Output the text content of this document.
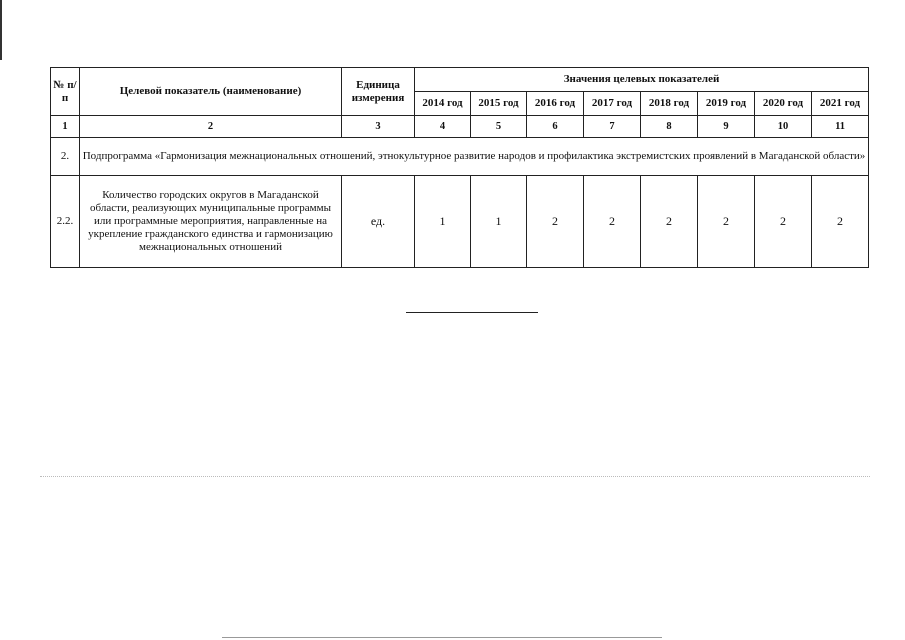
№ п/п	Целевой показатель (наименование)	Единица измерения	Значения целевых показателей							
			2014 год	2015 год	2016 год	2017 год	2018 год	2019 год	2020 год	2021 год
1	2	3	4	5	6	7	8	9	10	11
2.	Подпрограмма «Гармонизация межнациональных отношений, этнокультурное развитие народов и профилактика экстремистских проявлений в Магаданской области»									
2.2.	Количество городских округов в Магаданской области, реализующих муниципальные программы или программные мероприятия, направленные на укрепление гражданского единства и гармонизацию межнациональных отношений	ед.	1	1	2	2	2	2	2	2
